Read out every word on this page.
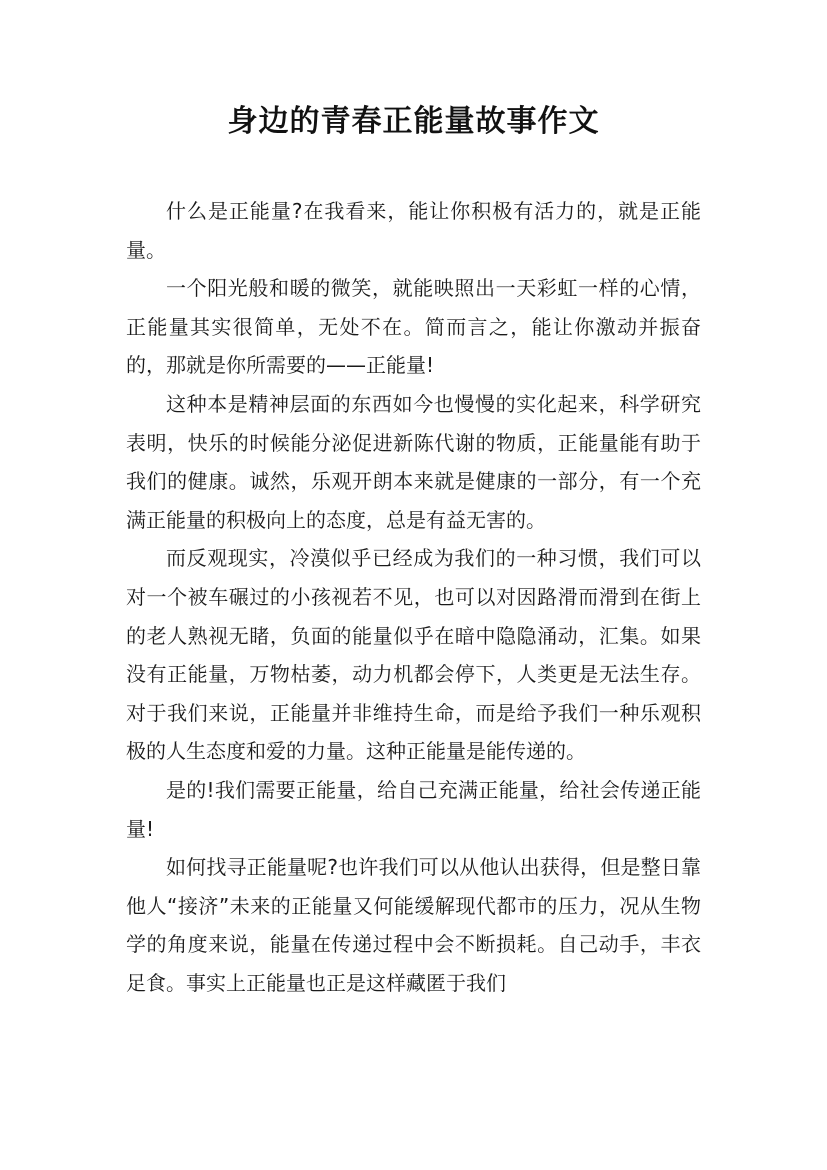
身边的青春正能量故事作文

什么是正能量?在我看来，能让你积极有活力的，就是正能量。

一个阳光般和暖的微笑，就能映照出一天彩虹一样的心情，正能量其实很简单，无处不在。简而言之，能让你激动并振奋的，那就是你所需要的——正能量!

这种本是精神层面的东西如今也慢慢的实化起来，科学研究表明，快乐的时候能分泌促进新陈代谢的物质，正能量能有助于我们的健康。诚然，乐观开朗本来就是健康的一部分，有一个充满正能量的积极向上的态度，总是有益无害的。

而反观现实，冷漠似乎已经成为我们的一种习惯，我们可以对一个被车碾过的小孩视若不见，也可以对因路滑而滑到在街上的老人熟视无睹，负面的能量似乎在暗中隐隐涌动，汇集。如果没有正能量，万物枯萎，动力机都会停下，人类更是无法生存。对于我们来说，正能量并非维持生命，而是给予我们一种乐观积极的人生态度和爱的力量。这种正能量是能传递的。

是的!我们需要正能量，给自己充满正能量，给社会传递正能量!

如何找寻正能量呢?也许我们可以从他认出获得，但是整日靠他人“接济”未来的正能量又何能缓解现代都市的压力，况从生物学的角度来说，能量在传递过程中会不断损耗。自己动手，丰衣足食。事实上正能量也正是这样藏匿于我们
